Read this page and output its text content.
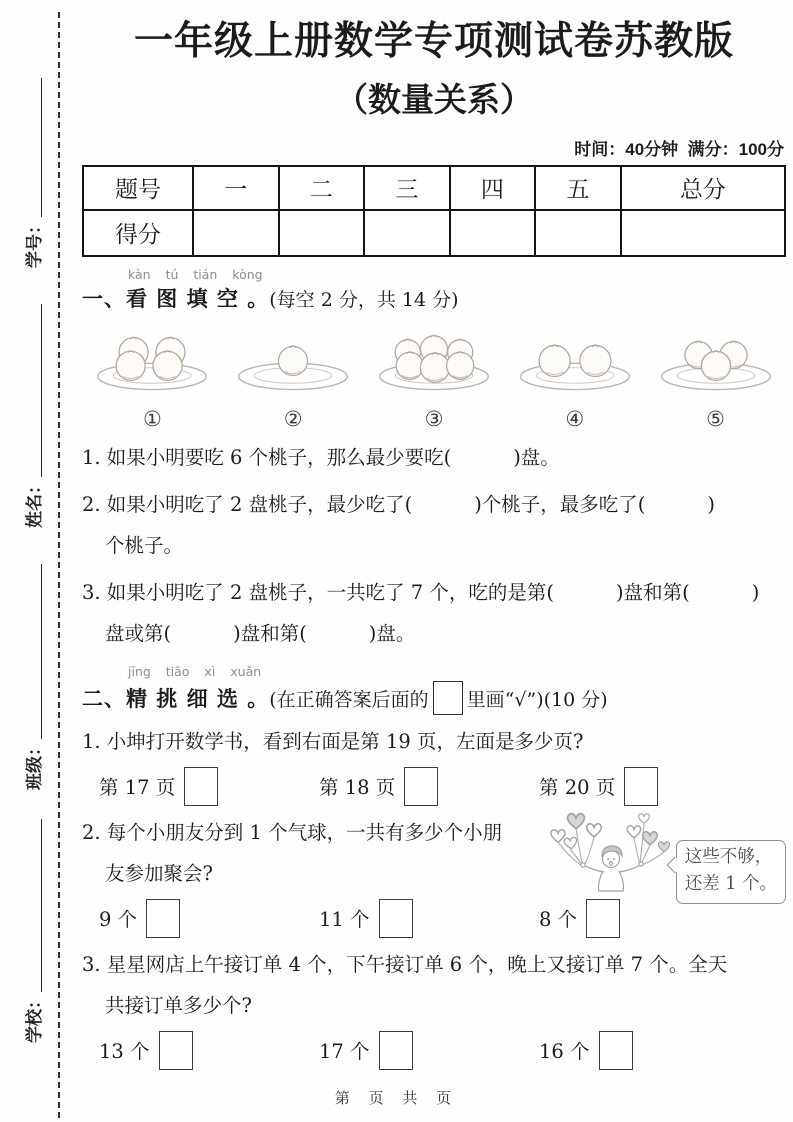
学号：
姓名：
班级：
学校：
一年级上册数学专项测试卷苏教版
（数量关系）
时间：40分钟  满分：100分
题号	一	二	三	四	五	总分
得分						
kàn tú tián kòng
一、看 图 填 空 。(每空 2 分，共 14 分)
①	②	③	④	⑤
1. 如果小明要吃 6 个桃子，那么最少要吃(          )盘。
2. 如果小明吃了 2 盘桃子，最少吃了(          )个桃子，最多吃了(          )
个桃子。
3. 如果小明吃了 2 盘桃子，一共吃了 7 个，吃的是第(          )盘和第(          )
盘或第(          )盘和第(          )盘。
jīng tiāo xì xuǎn
二、精 挑 细 选 。(在正确答案后面的 里画“√”)(10 分)
1. 小坤打开数学书，看到右面是第 19 页，左面是多少页?
第 17 页	第 18 页	第 20 页
2. 每个小朋友分到 1 个气球，一共有多少个小朋
友参加聚会?
这些不够，
还差 1 个。
9 个	11 个	8 个
3. 星星网店上午接订单 4 个，下午接订单 6 个，晚上又接订单 7 个。全天
共接订单多少个?
13 个	17 个	16 个
第 页 共 页
